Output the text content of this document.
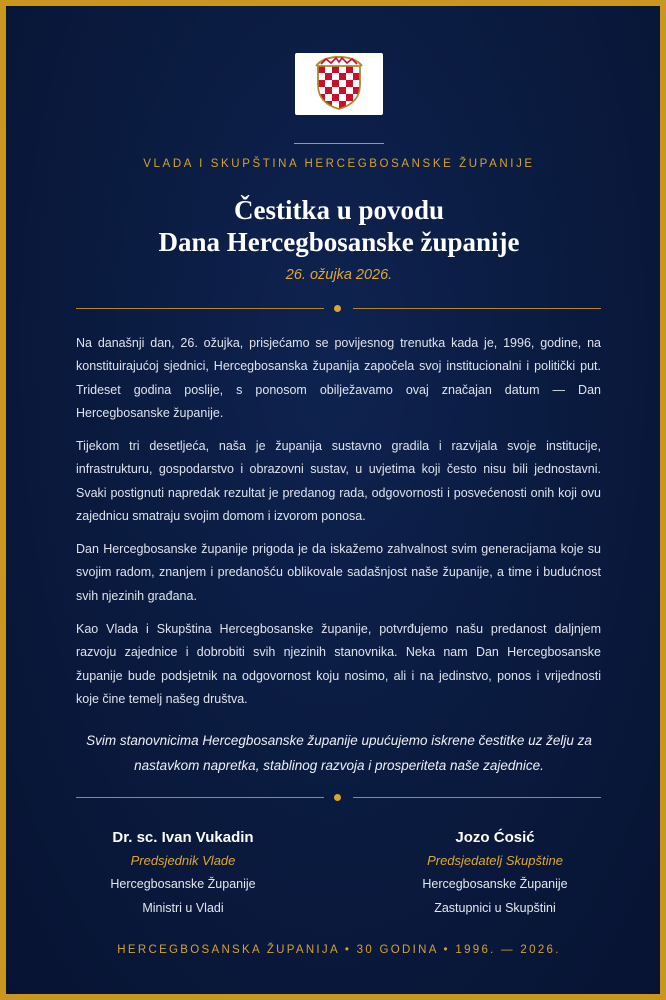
VLADA I SKUPŠTINA HERCEGBOSANSKE ŽUPANIJE
Čestitka u povodu
Dana Hercegbosanske županije
26. ožujka 2026.

Na današnji dan, 26. ožujka, prisjećamo se povijesnog trenutka kada je, 1996, godine, na konstituirajućoj sjednici, Hercegbosanska županija započela svoj institucionalni i politički put. Trideset godina poslije, s ponosom obilježavamo ovaj značajan datum — Dan Hercegbosanske županije.

Tijekom tri desetljeća, naša je županija sustavno gradila i razvijala svoje institucije, infrastrukturu, gospodarstvo i obrazovni sustav, u uvjetima koji često nisu bili jednostavni. Svaki postignuti napredak rezultat je predanog rada, odgovornosti i posvećenosti onih koji ovu zajednicu smatraju svojim domom i izvorom ponosa.

Dan Hercegbosanske županije prigoda je da iskažemo zahvalnost svim generacijama koje su svojim radom, znanjem i predanošću oblikovale sadašnjost naše županije, a time i budućnost svih njezinih građana.

Kao Vlada i Skupština Hercegbosanske županije, potvrđujemo našu predanost daljnjem razvoju zajednice i dobrobiti svih njezinih stanovnika. Neka nam Dan Hercegbosanske županije bude podsjetnik na odgovornost koju nosimo, ali i na jedinstvo, ponos i vrijednosti koje čine temelj našeg društva.

Svim stanovnicima Hercegbosanske županije upućujemo iskrene čestitke uz želju za nastavkom napretka, stablinog razvoja i prosperiteta naše zajednice.

Dr. sc. Ivan Vukadin
Predsjednik Vlade
Hercegbosanske Županije
Ministri u Vladi
Jozo Ćosić
Predsjedatelj Skupštine
Hercegbosanske Županije
Zastupnici u Skupštini
HERCEGBOSANSKA ŽUPANIJA • 30 GODINA • 1996. — 2026.
